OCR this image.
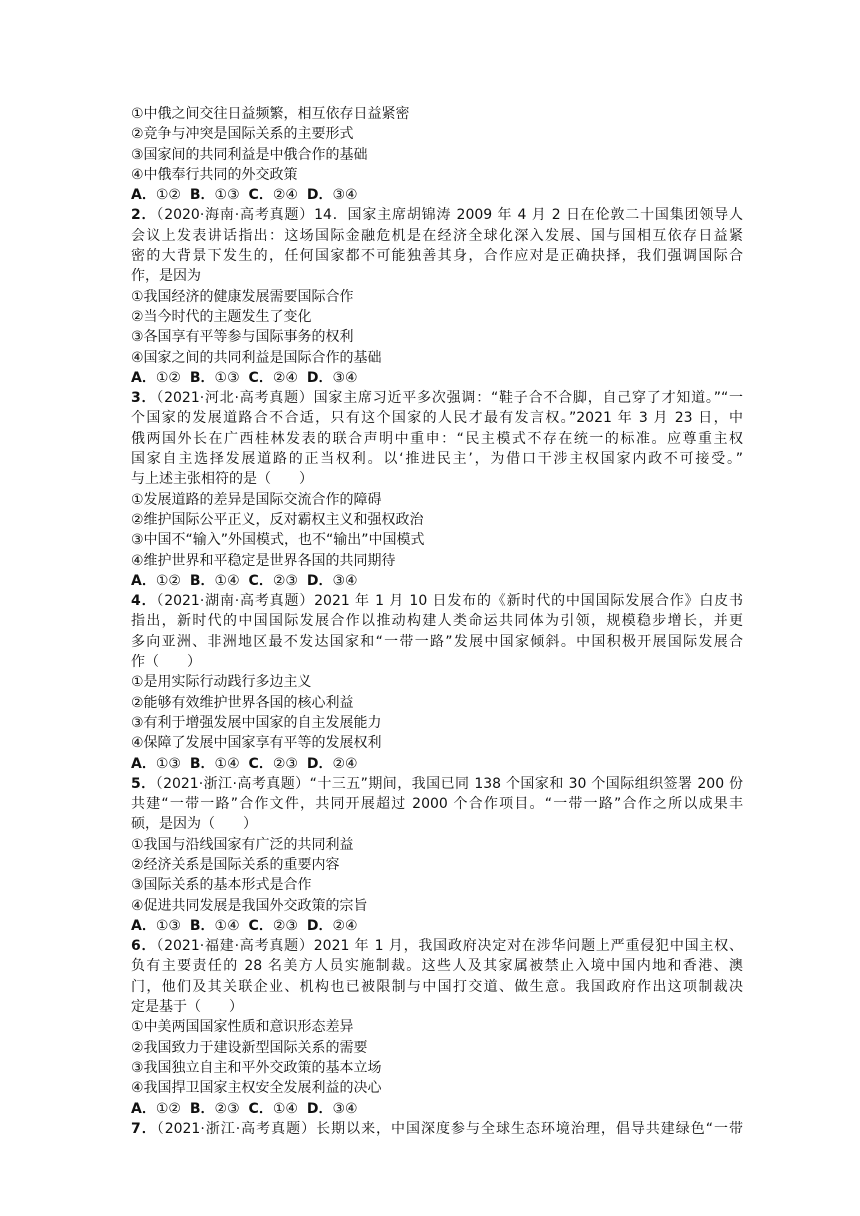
①中俄之间交往日益频繁，相互依存日益紧密
②竞争与冲突是国际关系的主要形式
③国家间的共同利益是中俄合作的基础
④中俄奉行共同的外交政策
A．①②  B．①③  C．②④  D．③④
2．（2020·海南·高考真题）14．国家主席胡锦涛 2009 年 4 月 2 日在伦敦二十国集团领导人
会议上发表讲话指出：这场国际金融危机是在经济全球化深入发展、国与国相互依存日益紧
密的大背景下发生的，任何国家都不可能独善其身，合作应对是正确抉择，我们强调国际合
作，是因为
①我国经济的健康发展需要国际合作
②当今时代的主题发生了变化
③各国享有平等参与国际事务的权利
④国家之间的共同利益是国际合作的基础
A．①②  B．①③  C．②④  D．③④
3．（2021·河北·高考真题）国家主席习近平多次强调：“鞋子合不合脚，自己穿了才知道。”“一
个国家的发展道路合不合适，只有这个国家的人民才最有发言权。”2021 年 3 月 23 日，中
俄两国外长在广西桂林发表的联合声明中重申：“民主模式不存在统一的标准。应尊重主权
国家自主选择发展道路的正当权利。以‘推进民主’，为借口干涉主权国家内政不可接受。”
与上述主张相符的是（　　）
①发展道路的差异是国际交流合作的障碍
②维护国际公平正义，反对霸权主义和强权政治
③中国不“输入”外国模式，也不“输出”中国模式
④维护世界和平稳定是世界各国的共同期待
A．①②  B．①④  C．②③  D．③④
4．（2021·湖南·高考真题）2021 年 1 月 10 日发布的《新时代的中国国际发展合作》白皮书
指出，新时代的中国国际发展合作以推动构建人类命运共同体为引领，规模稳步增长，并更
多向亚洲、非洲地区最不发达国家和“一带一路”发展中国家倾斜。中国积极开展国际发展合
作（　　）
①是用实际行动践行多边主义
②能够有效维护世界各国的核心利益
③有利于增强发展中国家的自主发展能力
④保障了发展中国家享有平等的发展权利
A．①③  B．①④  C．②③  D．②④
5．（2021·浙江·高考真题）“十三五”期间，我国已同 138 个国家和 30 个国际组织签署 200 份
共建“一带一路”合作文件，共同开展超过 2000 个合作项目。“一带一路”合作之所以成果丰
硕，是因为（　　）
①我国与沿线国家有广泛的共同利益
②经济关系是国际关系的重要内容
③国际关系的基本形式是合作
④促进共同发展是我国外交政策的宗旨
A．①③  B．①④  C．②③  D．②④
6．（2021·福建·高考真题）2021 年 1 月，我国政府决定对在涉华问题上严重侵犯中国主权、
负有主要责任的 28 名美方人员实施制裁。这些人及其家属被禁止入境中国内地和香港、澳
门，他们及其关联企业、机构也已被限制与中国打交道、做生意。我国政府作出这项制裁决
定是基于（　　）
①中美两国国家性质和意识形态差异
②我国致力于建设新型国际关系的需要
③我国独立自主和平外交政策的基本立场
④我国捍卫国家主权安全发展利益的决心
A．①②  B．②③  C．①④  D．③④
7．（2021·浙江·高考真题）长期以来，中国深度参与全球生态环境治理，倡导共建绿色“一带
